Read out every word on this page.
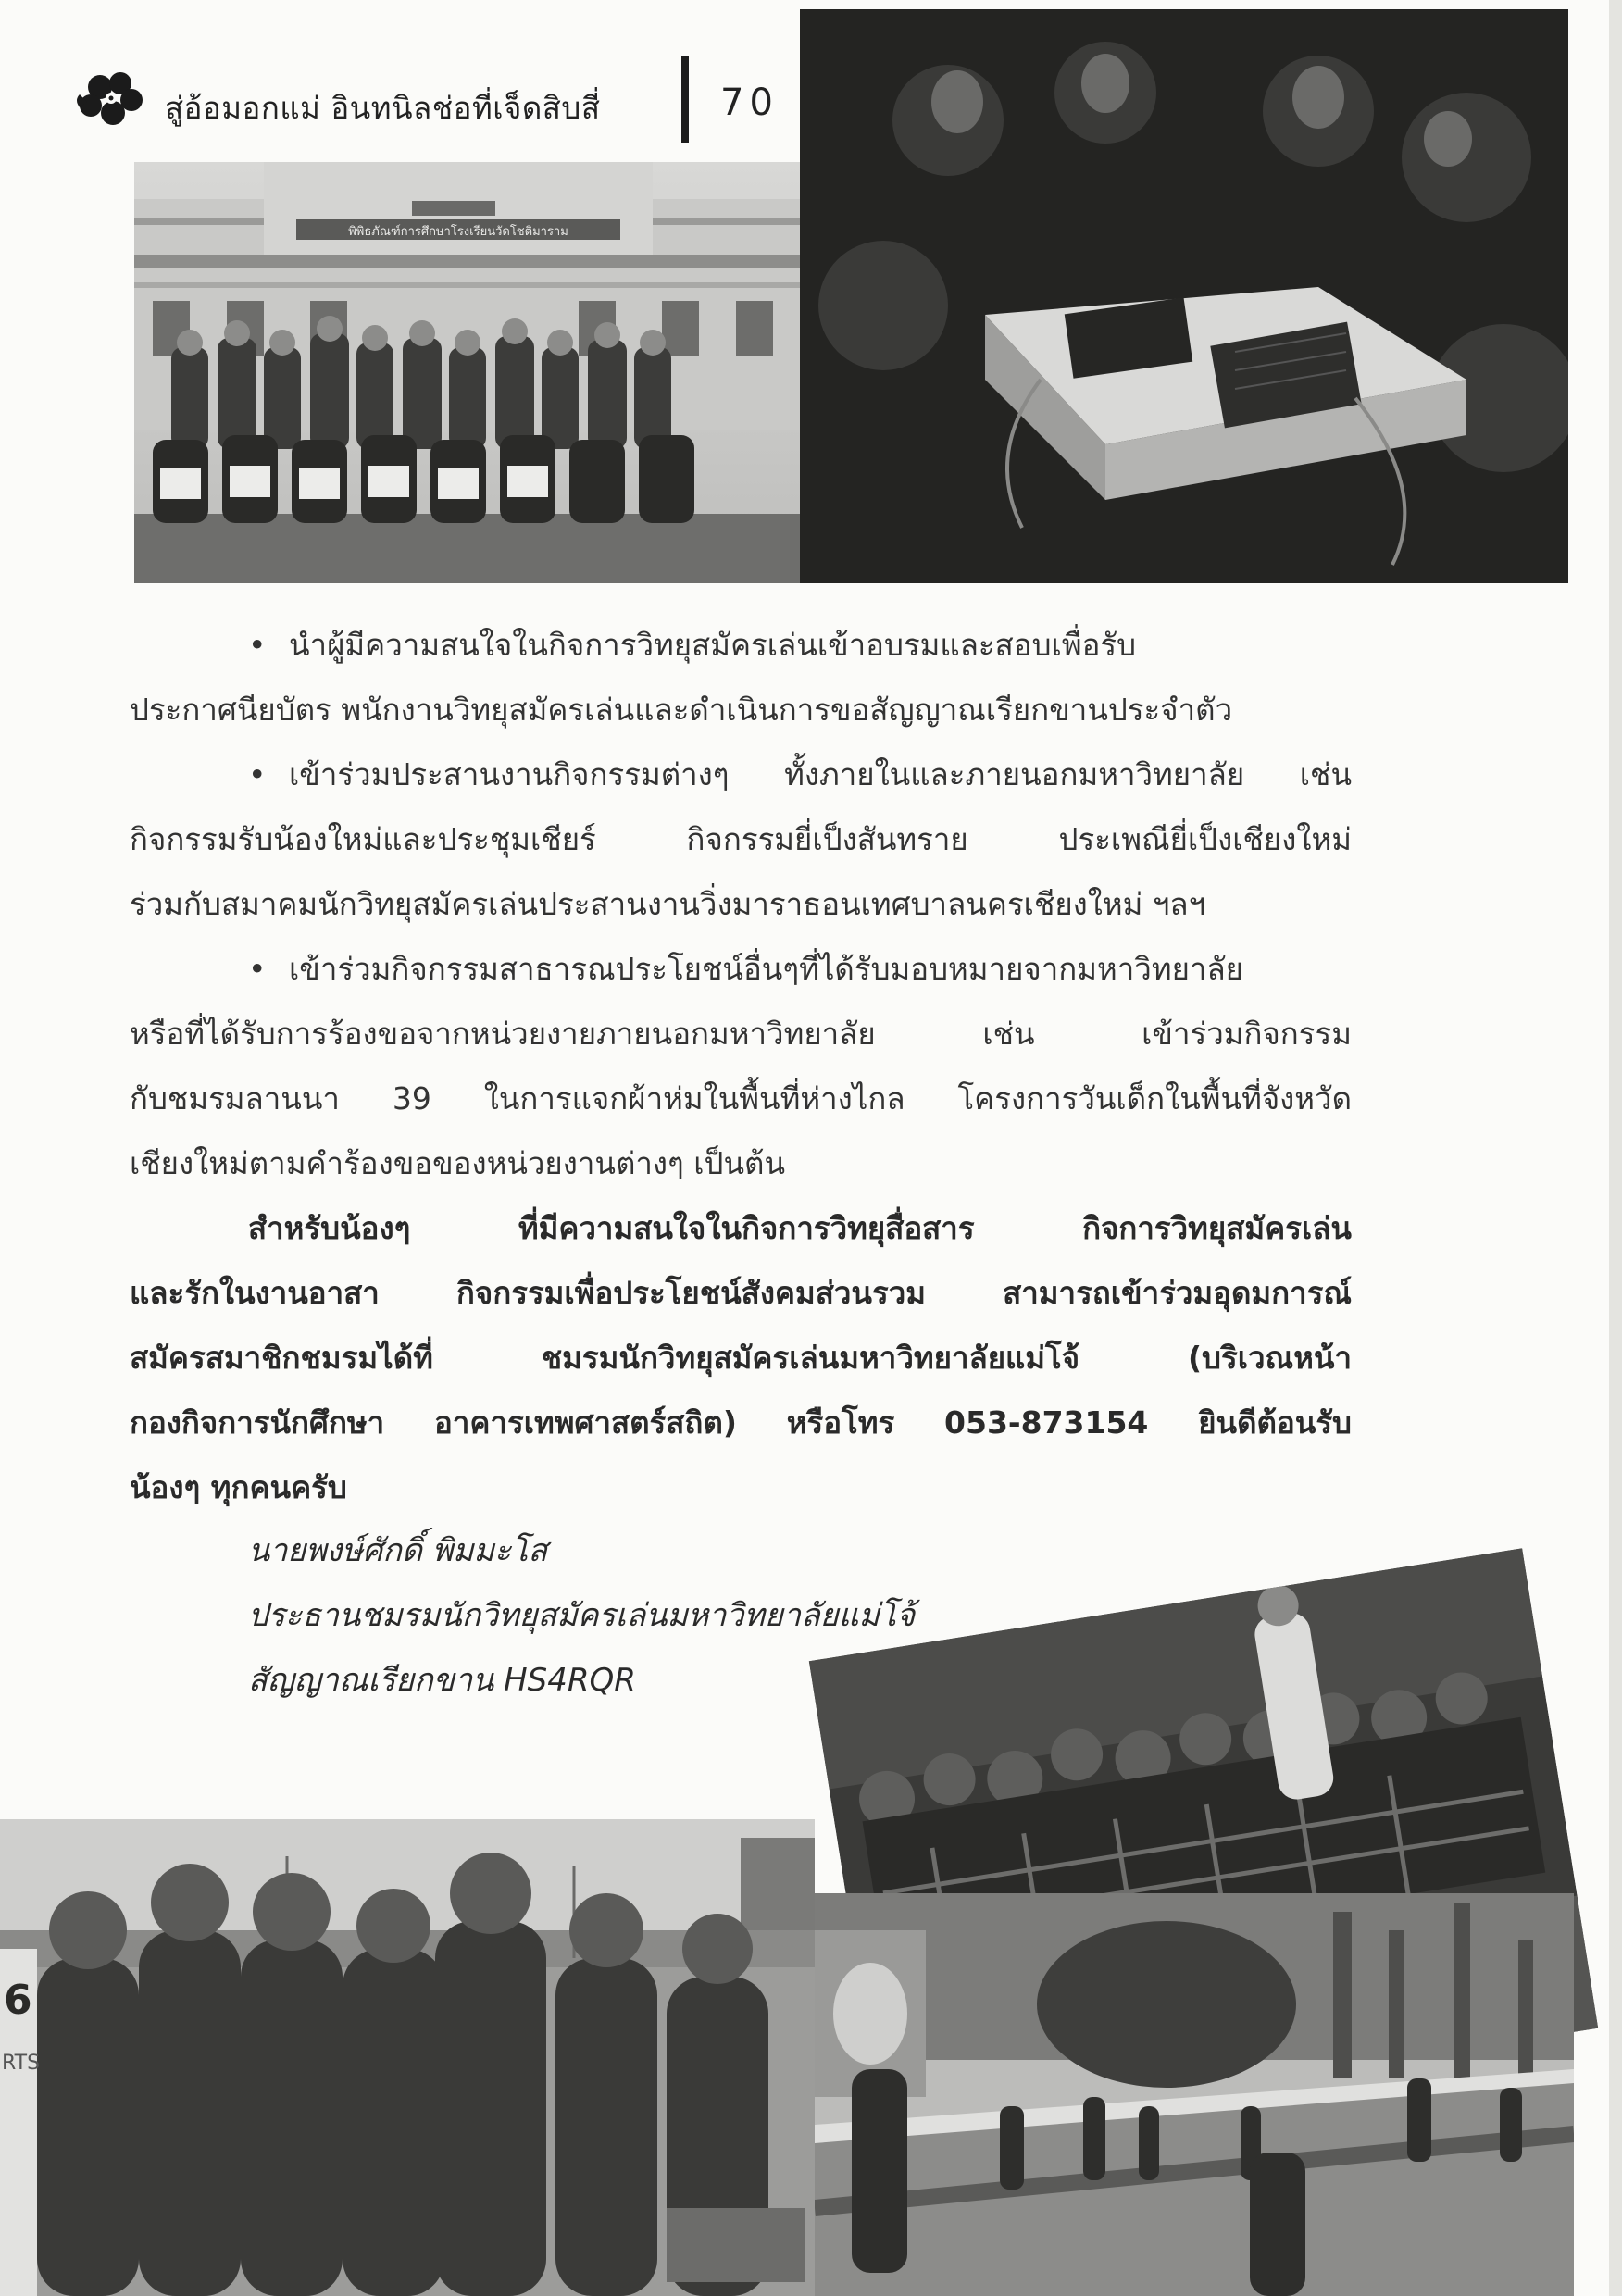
สู่อ้อมอกแม่ อินทนิลช่อที่เจ็ดสิบสี่	70
พิพิธภัณฑ์การศึกษาโรงเรียนวัดโชติมาราม
• นำผู้มีความสนใจในกิจการวิทยุสมัครเล่นเข้าอบรมและสอบเพื่อรับ
ประกาศนียบัตร พนักงานวิทยุสมัครเล่นและดำเนินการขอสัญญาณเรียกขานประจำตัว
• เข้าร่วมประสานงานกิจกรรมต่างๆ ทั้งภายในและภายนอกมหาวิทยาลัย เช่น
กิจกรรมรับน้องใหม่และประชุมเชียร์ กิจกรรมยี่เป็งสันทราย ประเพณียี่เป็งเชียงใหม่
ร่วมกับสมาคมนักวิทยุสมัครเล่นประสานงานวิ่งมาราธอนเทศบาลนครเชียงใหม่ ฯลฯ
• เข้าร่วมกิจกรรมสาธารณประโยชน์อื่นๆที่ได้รับมอบหมายจากมหาวิทยาลัย
หรือที่ได้รับการร้องขอจากหน่วยงายภายนอกมหาวิทยาลัย เช่น เข้าร่วมกิจกรรม
กับชมรมลานนา 39 ในการแจกผ้าห่มในพื้นที่ห่างไกล โครงการวันเด็กในพื้นที่จังหวัด
เชียงใหม่ตามคำร้องขอของหน่วยงานต่างๆ เป็นต้น
สำหรับน้องๆ ที่มีความสนใจในกิจการวิทยุสื่อสาร กิจการวิทยุสมัครเล่น
และรักในงานอาสา กิจกรรมเพื่อประโยชน์สังคมส่วนรวม สามารถเข้าร่วมอุดมการณ์
สมัครสมาชิกชมรมได้ที่ ชมรมนักวิทยุสมัครเล่นมหาวิทยาลัยแม่โจ้ (บริเวณหน้า
กองกิจการนักศึกษา อาคารเทพศาสตร์สถิต) หรือโทร 053-873154 ยินดีต้อนรับ
น้องๆ ทุกคนครับ
นายพงษ์ศักดิ์ พิมมะโส
ประธานชมรมนักวิทยุสมัครเล่นมหาวิทยาลัยแม่โจ้
สัญญาณเรียกขาน HS4RQR
6
RTS
